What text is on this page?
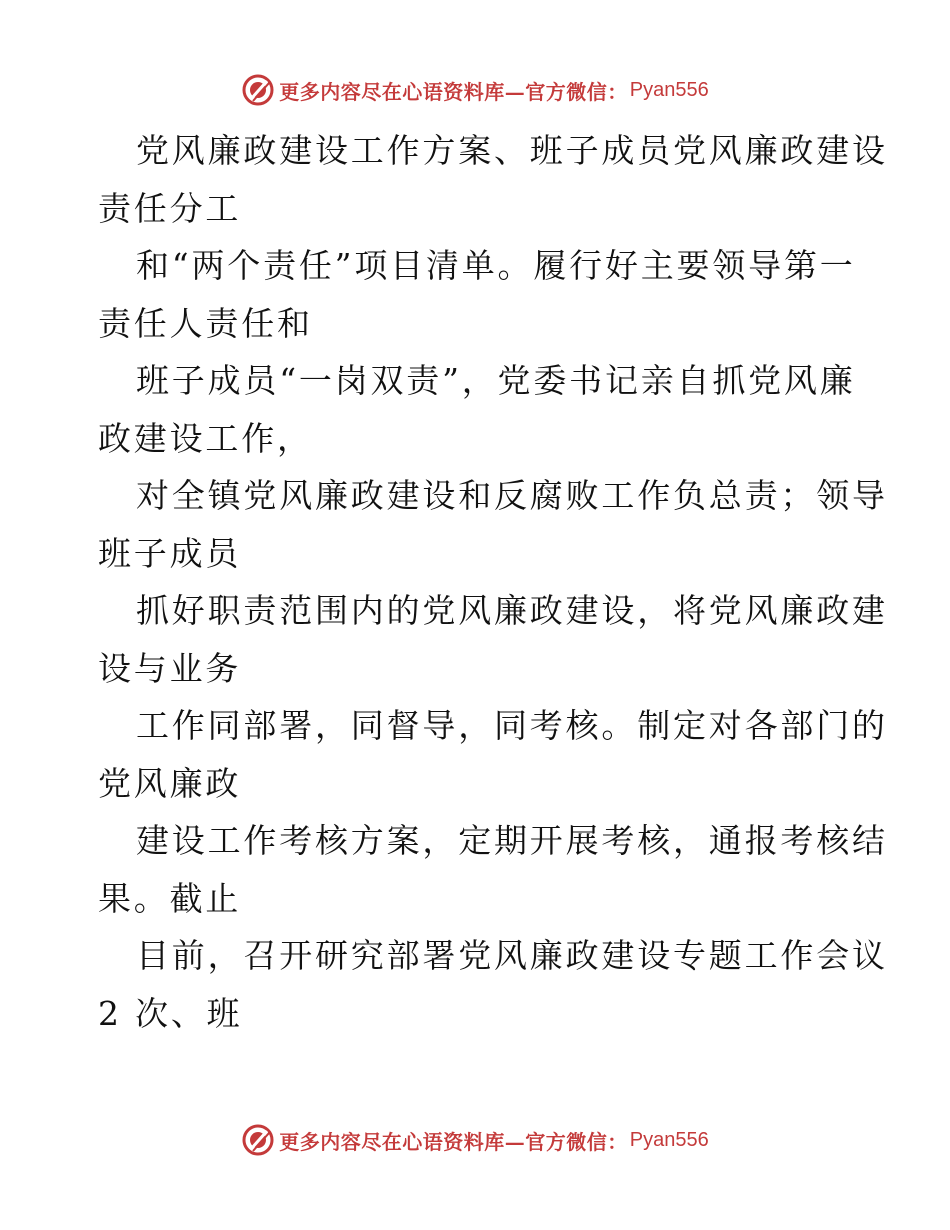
更多内容尽在心语资料库—官方微信： Pyan556
党风廉政建设工作方案、班子成员党风廉政建设
责任分工
和“两个责任”项目清单。履行好主要领导第一
责任人责任和
班子成员“一岗双责”，党委书记亲自抓党风廉
政建设工作，
对全镇党风廉政建设和反腐败工作负总责；领导
班子成员
抓好职责范围内的党风廉政建设，将党风廉政建
设与业务
工作同部署，同督导，同考核。制定对各部门的
党风廉政
建设工作考核方案，定期开展考核，通报考核结
果。截止
目前，召开研究部署党风廉政建设专题工作会议
2 次、班
更多内容尽在心语资料库—官方微信： Pyan556
